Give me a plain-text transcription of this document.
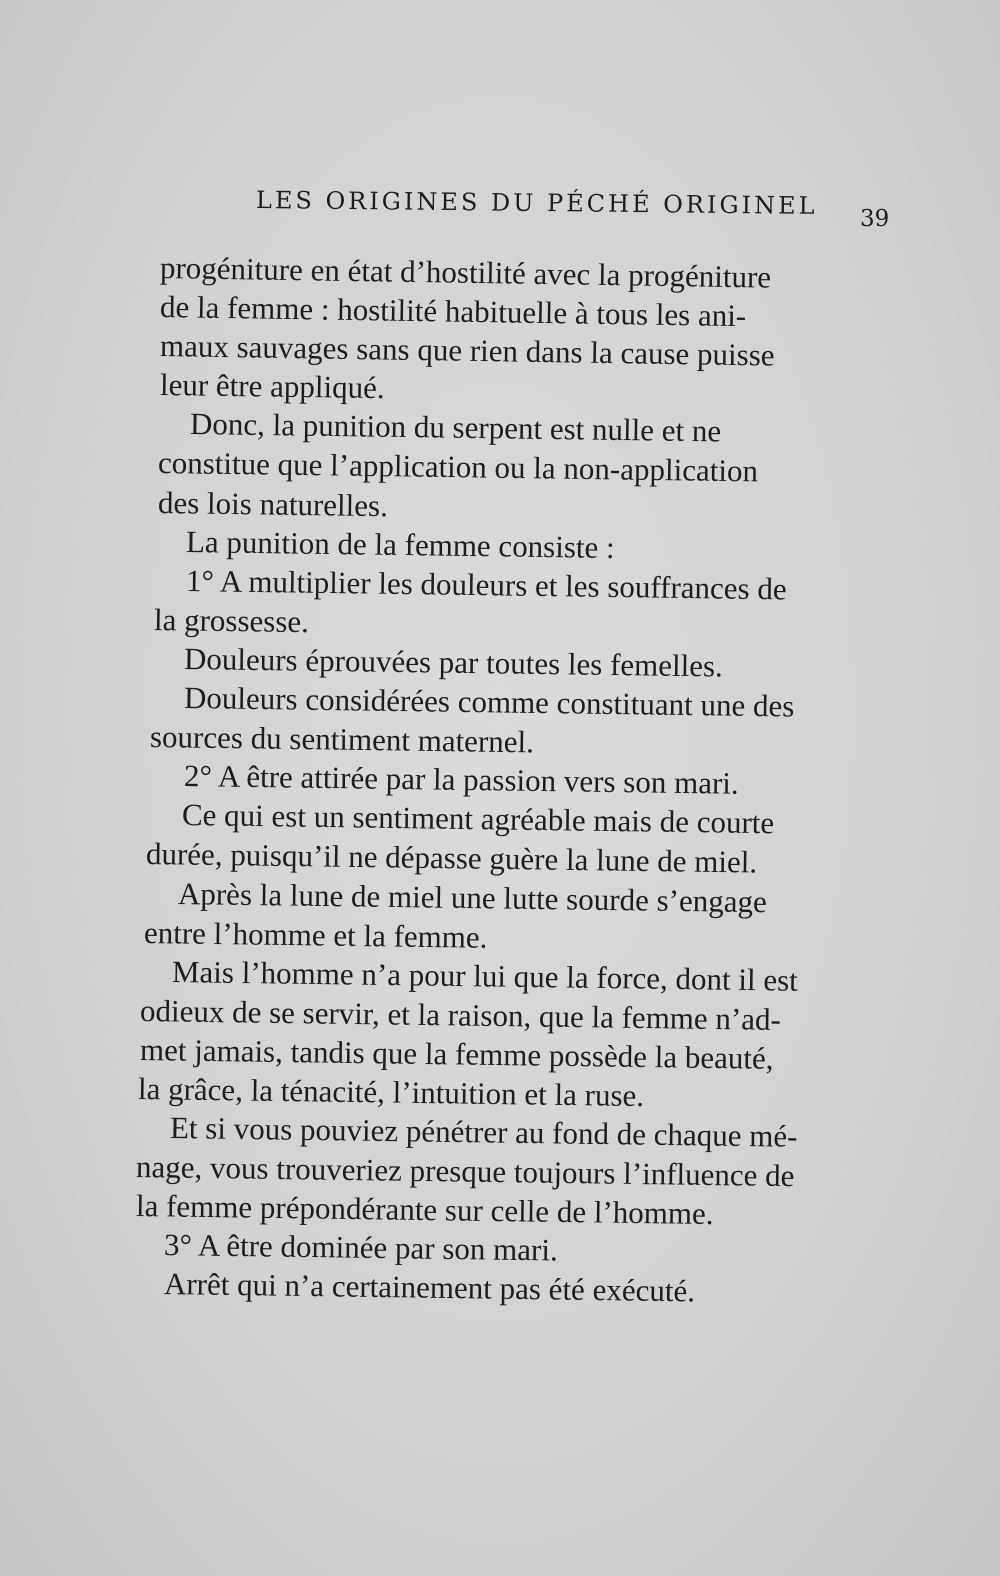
LES ORIGINES DU PÉCHÉ ORIGINEL 39
progéniture en état d’hostilité avec la progéniture
de la femme : hostilité habituelle à tous les ani-
maux sauvages sans que rien dans la cause puisse
leur être appliqué.
Donc, la punition du serpent est nulle et ne
constitue que l’application ou la non-application
des lois naturelles.
La punition de la femme consiste :
1° A multiplier les douleurs et les souffrances de
la grossesse.
Douleurs éprouvées par toutes les femelles.
Douleurs considérées comme constituant une des
sources du sentiment maternel.
2° A être attirée par la passion vers son mari.
Ce qui est un sentiment agréable mais de courte
durée, puisqu’il ne dépasse guère la lune de miel.
Après la lune de miel une lutte sourde s’engage
entre l’homme et la femme.
Mais l’homme n’a pour lui que la force, dont il est
odieux de se servir, et la raison, que la femme n’ad-
met jamais, tandis que la femme possède la beauté,
la grâce, la ténacité, l’intuition et la ruse.
Et si vous pouviez pénétrer au fond de chaque mé-
nage, vous trouveriez presque toujours l’influence de
la femme prépondérante sur celle de l’homme.
3° A être dominée par son mari.
Arrêt qui n’a certainement pas été exécuté.
